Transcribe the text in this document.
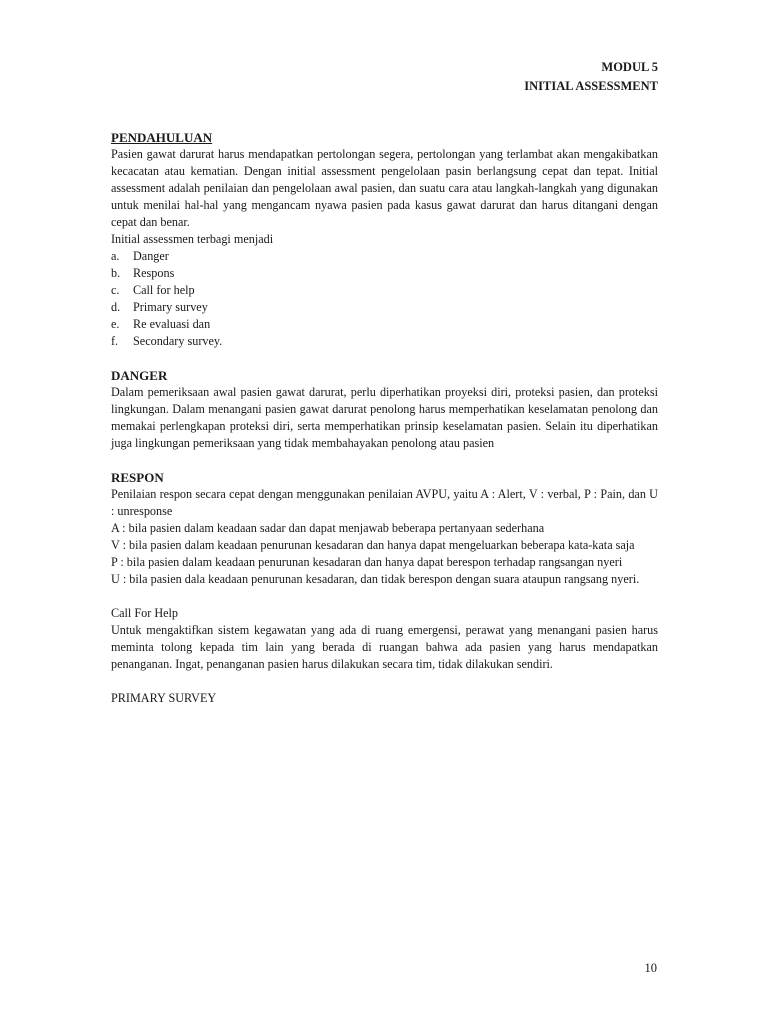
MODUL 5
INITIAL ASSESSMENT
PENDAHULUAN

Pasien gawat darurat harus mendapatkan pertolongan segera, pertolongan yang terlambat akan mengakibatkan kecacatan atau kematian. Dengan initial assessment pengelolaan pasin berlangsung cepat dan tepat. Initial assessment adalah penilaian dan pengelolaan awal pasien, dan suatu cara atau langkah-langkah yang digunakan untuk menilai hal-hal yang mengancam nyawa pasien pada kasus gawat darurat dan harus ditangani dengan cepat dan benar.

Initial assessmen terbagi menjadi
a.	Danger
b.	Respons
c.	Call for help
d.	Primary survey
e.	Re evaluasi dan
f.	Secondary survey.
DANGER

Dalam pemeriksaan awal pasien gawat darurat, perlu diperhatikan proyeksi diri, proteksi pasien, dan proteksi lingkungan. Dalam menangani pasien gawat darurat penolong harus memperhatikan keselamatan penolong dan memakai perlengkapan proteksi diri, serta memperhatikan prinsip keselamatan pasien. Selain itu diperhatikan juga lingkungan pemeriksaan yang tidak membahayakan penolong atau pasien

RESPON

Penilaian respon secara cepat dengan menggunakan penilaian AVPU, yaitu A : Alert, V : verbal, P : Pain, dan U : unresponse

A : bila pasien dalam keadaan sadar dan dapat menjawab beberapa pertanyaan sederhana

V : bila pasien dalam keadaan penurunan kesadaran dan hanya dapat mengeluarkan beberapa kata-kata saja

P : bila pasien dalam keadaan penurunan kesadaran dan hanya dapat berespon terhadap rangsangan nyeri

U : bila pasien dala keadaan penurunan kesadaran, dan tidak berespon dengan suara ataupun rangsang nyeri.

Call For Help

Untuk mengaktifkan sistem kegawatan yang ada di ruang emergensi, perawat yang menangani pasien harus meminta tolong kepada tim lain yang berada di ruangan bahwa ada pasien yang harus mendapatkan penanganan. Ingat, penanganan pasien harus dilakukan secara tim, tidak dilakukan sendiri.

PRIMARY SURVEY
10
